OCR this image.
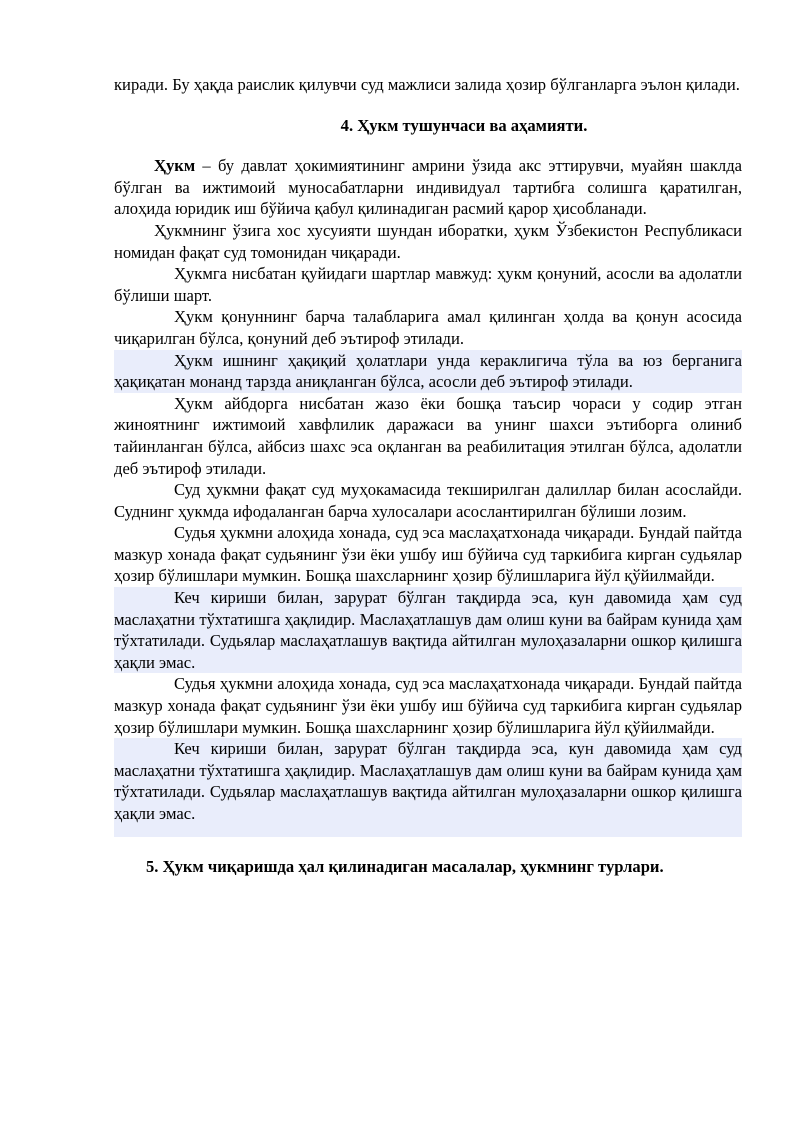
киради. Бу ҳақда раислик қилувчи суд мажлиси залида ҳозир бўлганларга эълон қилади.

4. Ҳукм тушунчаси ва аҳамияти.

Ҳукм – бу давлат ҳокимиятининг амрини ўзида акс эттирувчи, муайян шаклда бўлган ва ижтимоий муносабатларни индивидуал тартибга солишга қаратилган, алоҳида юридик иш бўйича қабул қилинадиган расмий қарор ҳисобланади.

Ҳукмнинг ўзига хос хусуияти шундан иборатки, ҳукм Ўзбекистон Республикаси номидан фақат суд томонидан чиқаради.

Ҳукмга нисбатан қуйидаги шартлар мавжуд: ҳукм қонуний, асосли ва адолатли бўлиши шарт.

Ҳукм қонуннинг барча талабларига амал қилинган ҳолда ва қонун асосида чиқарилган бўлса, қонуний деб эътироф этилади.

Ҳукм ишнинг ҳақиқий ҳолатлари унда кераклигича тўла ва юз берганига ҳақиқатан монанд тарзда аниқланган бўлса, асосли деб эътироф этилади.

Ҳукм айбдорга нисбатан жазо ёки бошқа таъсир чораси у содир этган жиноятнинг ижтимоий хавфлилик даражаси ва унинг шахси эътиборга олиниб тайинланган бўлса, айбсиз шахс эса оқланган ва реабилитация этилган бўлса, адолатли деб эътироф этилади.

Суд ҳукмни фақат суд муҳокамасида текширилган далиллар билан асослайди. Суднинг ҳукмда ифодаланган барча хулосалари асослантирилган бўлиши лозим.

Судья ҳукмни алоҳида хонада, суд эса маслаҳатхонада чиқаради. Бундай пайтда мазкур хонада фақат судьянинг ўзи ёки ушбу иш бўйича суд таркибига кирган судьялар ҳозир бўлишлари мумкин. Бошқа шахсларнинг ҳозир бўлишларига йўл қўйилмайди.

Кеч кириши билан, зарурат бўлган тақдирда эса, кун давомида ҳам суд маслаҳатни тўхтатишга ҳақлидир. Маслаҳатлашув дам олиш куни ва байрам кунида ҳам тўхтатилади. Судьялар маслаҳатлашув вақтида айтилган мулоҳазаларни ошкор қилишга ҳақли эмас.

Судья ҳукмни алоҳида хонада, суд эса маслаҳатхонада чиқаради. Бундай пайтда мазкур хонада фақат судьянинг ўзи ёки ушбу иш бўйича суд таркибига кирган судьялар ҳозир бўлишлари мумкин. Бошқа шахсларнинг ҳозир бўлишларига йўл қўйилмайди.

Кеч кириши билан, зарурат бўлган тақдирда эса, кун давомида ҳам суд маслаҳатни тўхтатишга ҳақлидир. Маслаҳатлашув дам олиш куни ва байрам кунида ҳам тўхтатилади. Судьялар маслаҳатлашув вақтида айтилган мулоҳазаларни ошкор қилишга ҳақли эмас.

5. Ҳукм чиқаришда ҳал қилинадиган масалалар, ҳукмнинг турлари.
